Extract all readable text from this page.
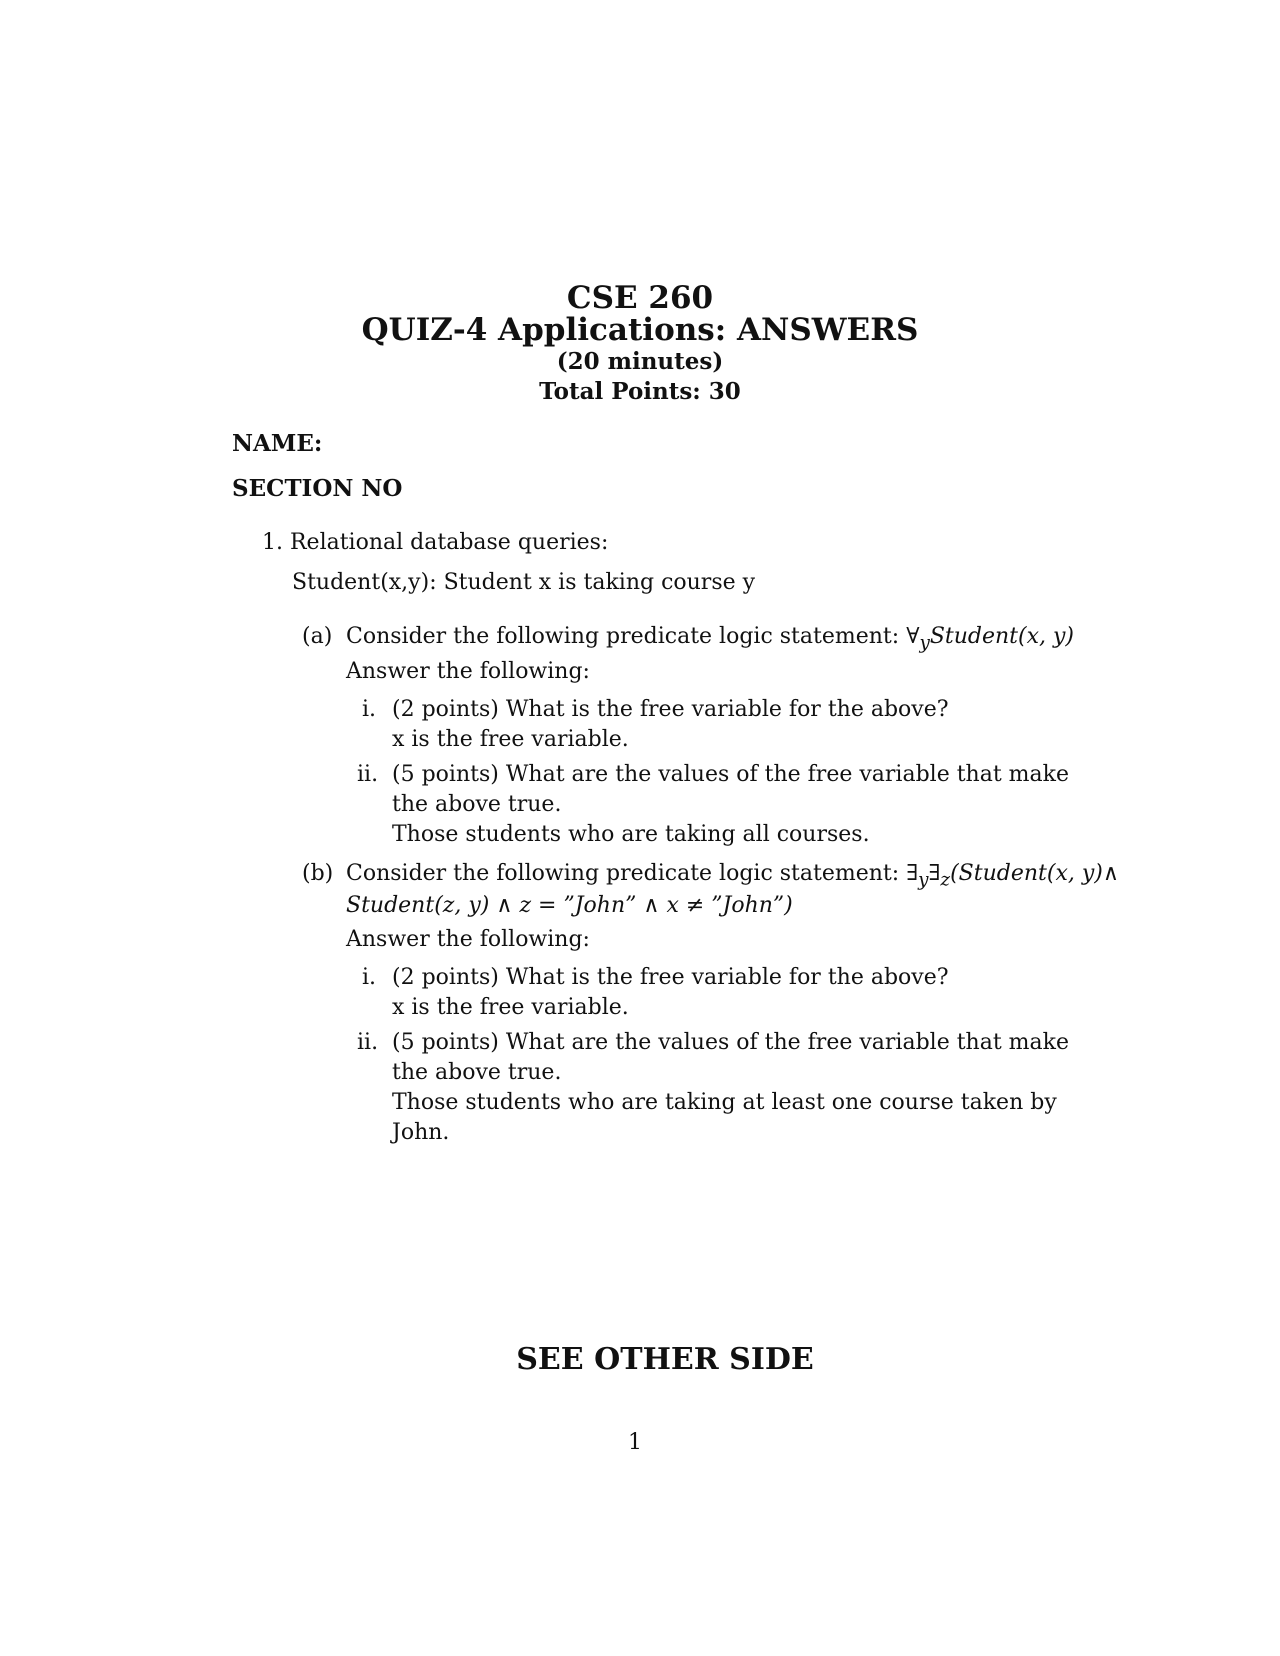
CSE 260
QUIZ-4 Applications: ANSWERS
(20 minutes)
Total Points: 30
NAME:
SECTION NO
1. Relational database queries:
Student(x,y): Student x is taking course y
(a) Consider the following predicate logic statement: $\forall_yStudent(x$, y)
Answer the following:
i. (2 points) What is the free variable for the above?
x is the free variable.
ii. (5 points) What are the values of the free variable that make
the above true.
Those students who are taking all courses.
(b) Consider the following predicate logic statement: $\exists_y\exists_z(Student(x$, y)∧
Student(z, y) ∧ z = ”John” ∧ x ≠ ”John”)
Answer the following:
i. (2 points) What is the free variable for the above?
x is the free variable.
ii. (5 points) What are the values of the free variable that make
the above true.
Those students who are taking at least one course taken by
John.
SEE OTHER SIDE
1
